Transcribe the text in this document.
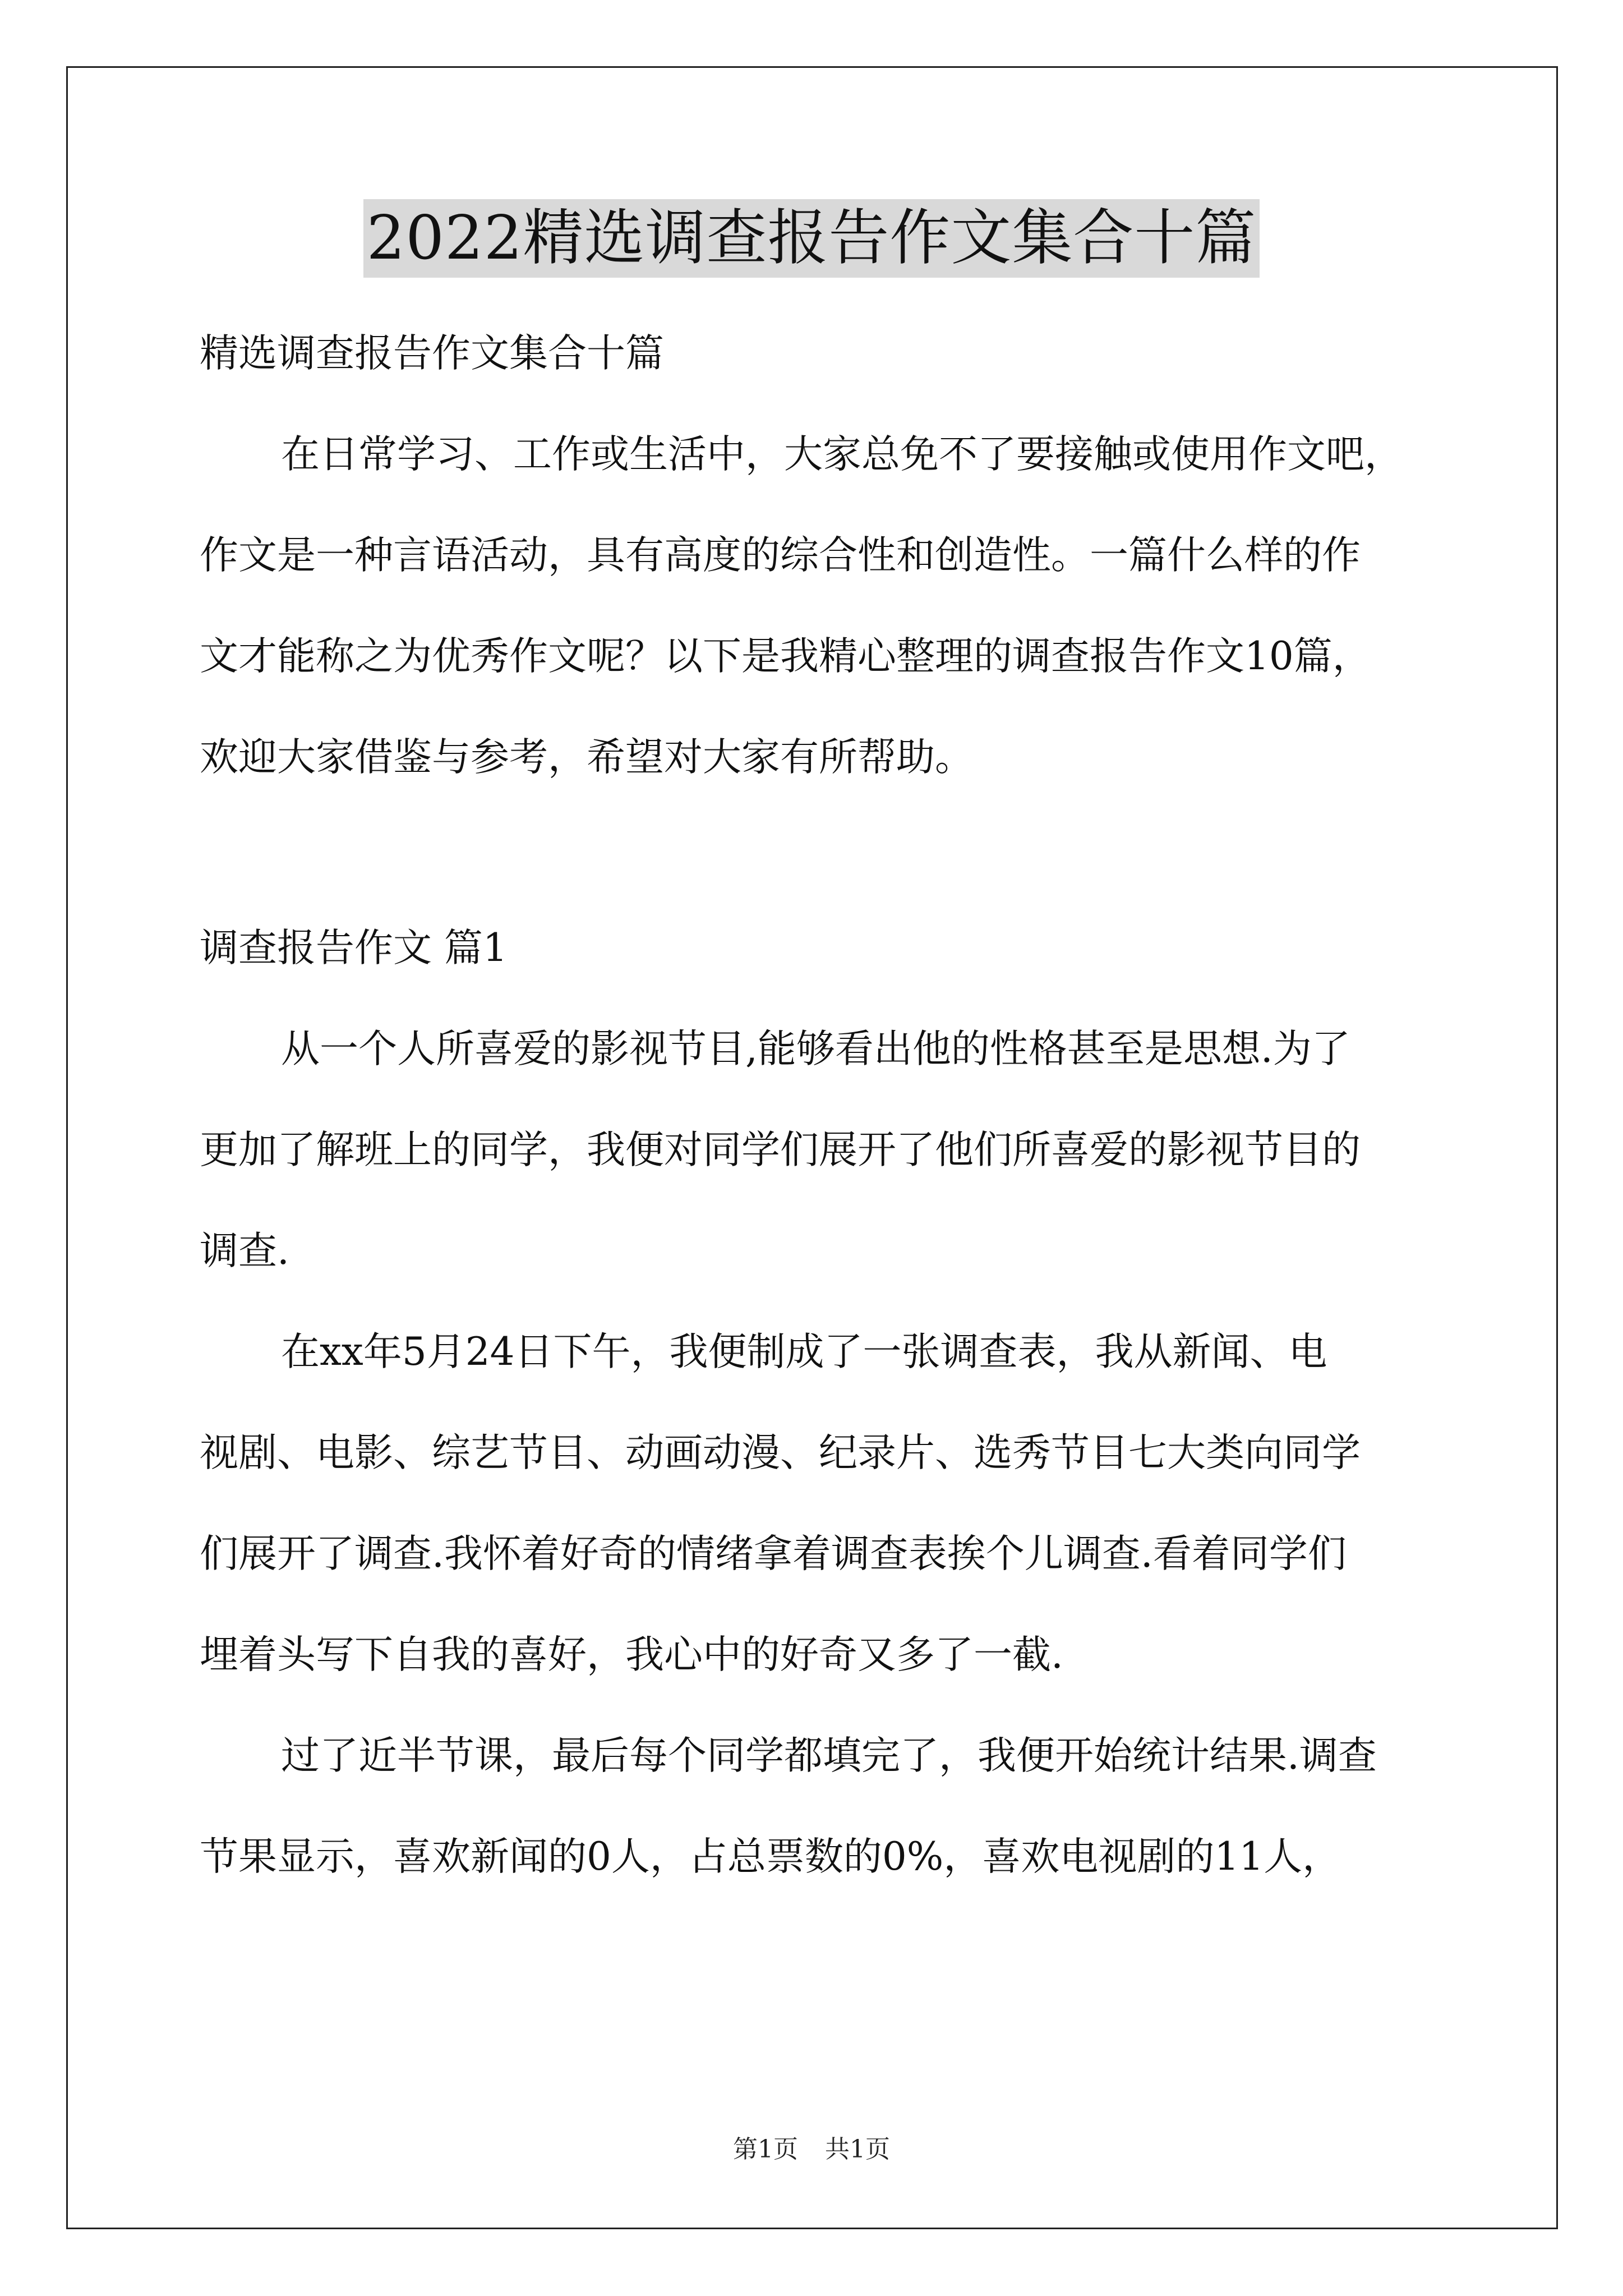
2022精选调查报告作文集合十篇
精选调查报告作文集合十篇
在日常学习、工作或生活中，大家总免不了要接触或使用作文吧，
作文是一种言语活动，具有高度的综合性和创造性。一篇什么样的作
文才能称之为优秀作文呢？以下是我精心整理的调查报告作文10篇，
欢迎大家借鉴与参考，希望对大家有所帮助。
调查报告作文 篇1
从一个人所喜爱的影视节目,能够看出他的性格甚至是思想.为了
更加了解班上的同学，我便对同学们展开了他们所喜爱的影视节目的
调查.
在xx年5月24日下午，我便制成了一张调查表，我从新闻、电
视剧、电影、综艺节目、动画动漫、纪录片、选秀节目七大类向同学
们展开了调查.我怀着好奇的情绪拿着调查表挨个儿调查.看着同学们
埋着头写下自我的喜好，我心中的好奇又多了一截.
过了近半节课，最后每个同学都填完了，我便开始统计结果.调查
节果显示，喜欢新闻的0人，占总票数的0%，喜欢电视剧的11人，
第1页 共1页
